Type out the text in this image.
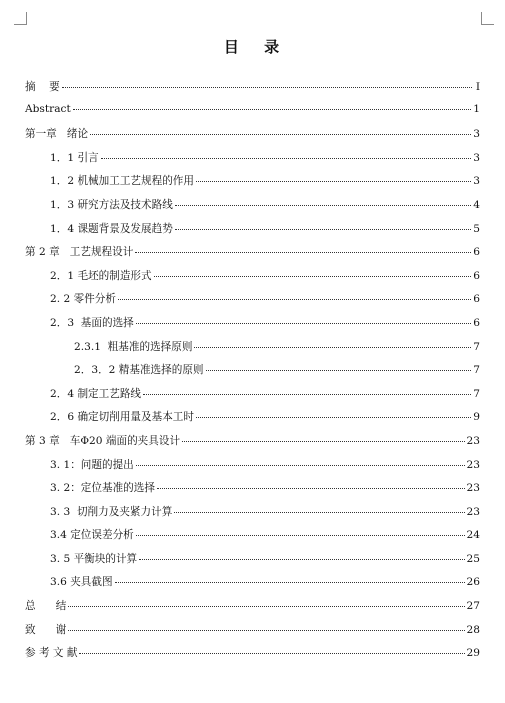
目 录
摘    要	I
Abstract	1
第一章   绪论	3
1．1 引言	3
1．2 机械加工工艺规程的作用	3
1．3 研究方法及技术路线	4
1．4 课题背景及发展趋势	5
第 2 章   工艺规程设计	6
2．1 毛坯的制造形式	6
2. 2 零件分析	6
2．3  基面的选择	6
2.3.1  粗基准的选择原则	7
2．3．2 精基准选择的原则	7
2．4 制定工艺路线	7
2．6 确定切削用量及基本工时	9
第 3 章   车Φ20 端面的夹具设计	23
3. 1：问题的提出	23
3. 2：定位基准的选择	23
3. 3  切削力及夹紧力计算	23
3.4 定位误差分析	24
3. 5 平衡块的计算	25
3.6 夹具截图	26
总      结	27
致      谢	28
参 考 文 献	29
